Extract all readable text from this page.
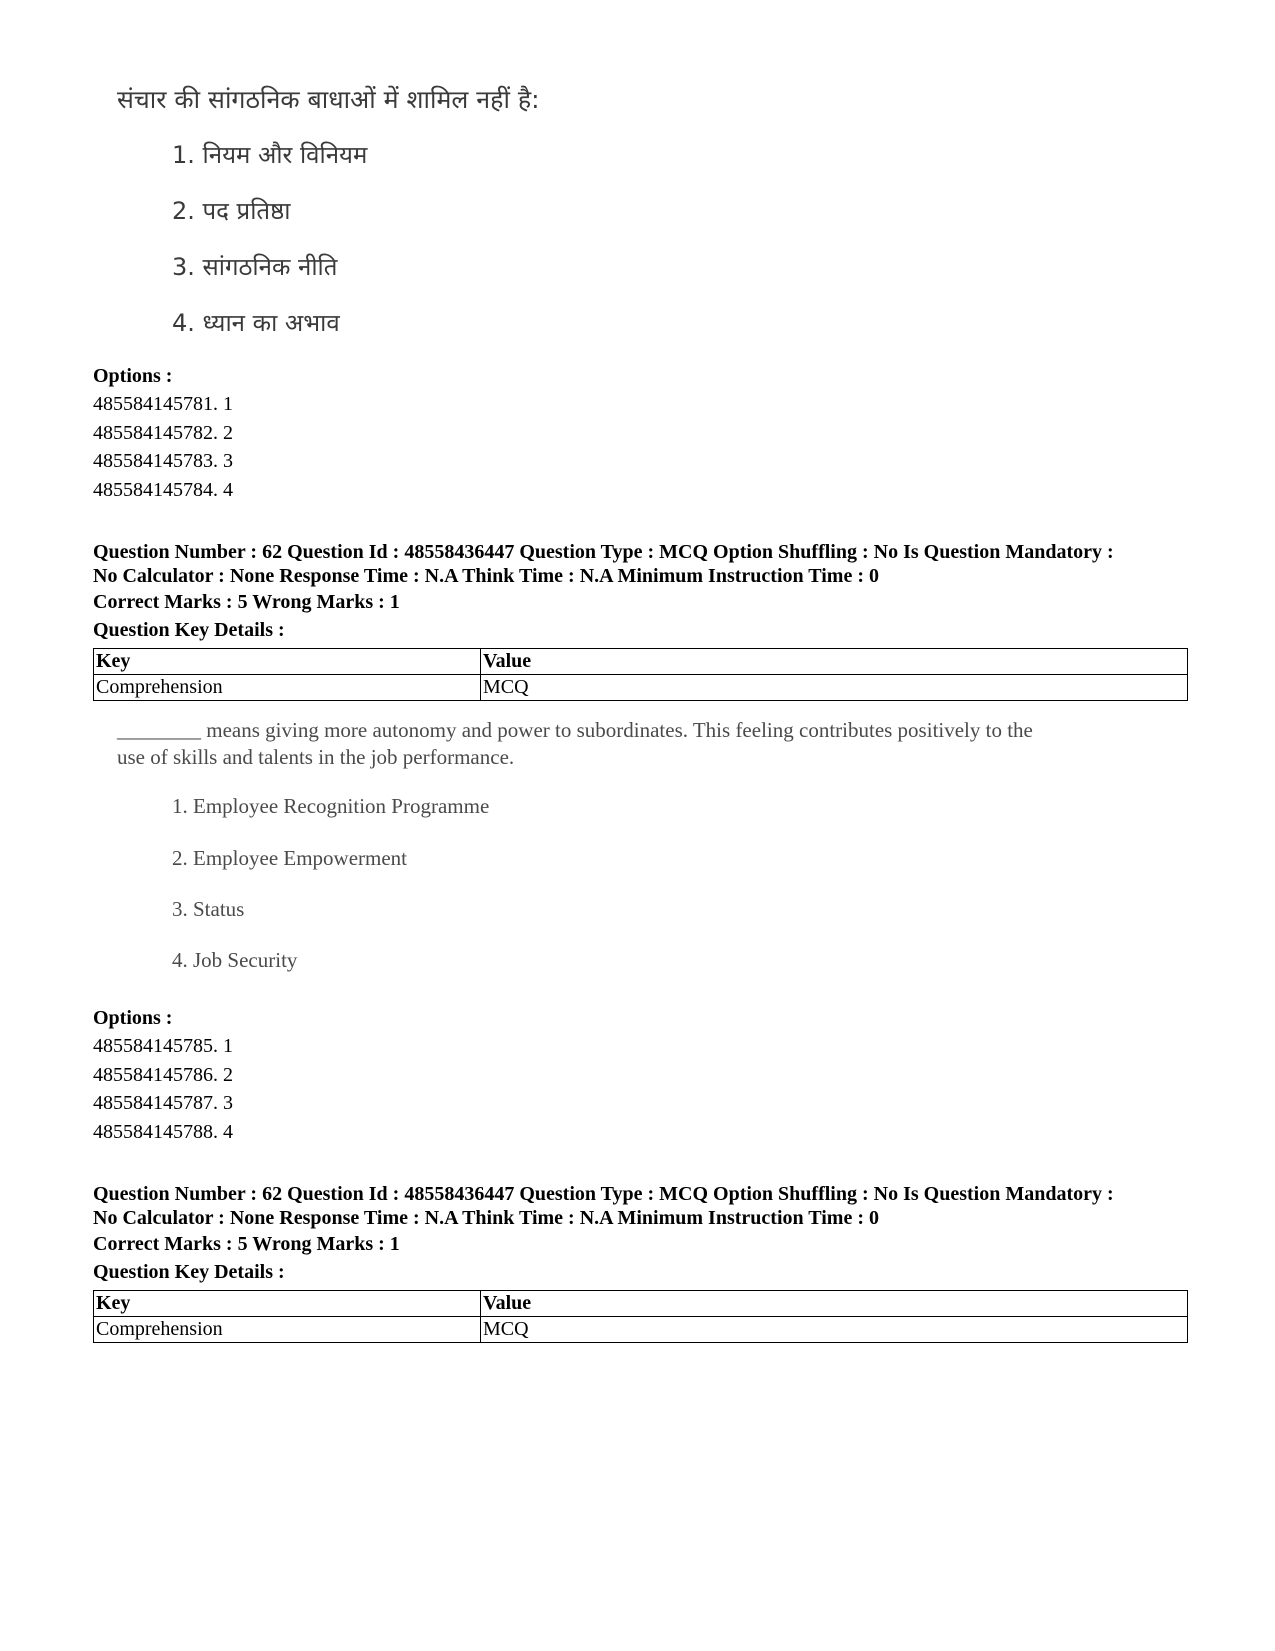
संचार की सांगठनिक बाधाओं में शामिल नहीं है:
1. नियम और विनियम
2. पद प्रतिष्ठा
3. सांगठनिक नीति
4. ध्यान का अभाव
Options :
485584145781. 1
485584145782. 2
485584145783. 3
485584145784. 4
Question Number : 62 Question Id : 48558436447 Question Type : MCQ Option Shuffling : No Is Question Mandatory :
No Calculator : None Response Time : N.A Think Time : N.A Minimum Instruction Time : 0
Correct Marks : 5 Wrong Marks : 1
Question Key Details :
Key	Value
Comprehension	MCQ
________ means giving more autonomy and power to subordinates. This feeling contributes positively to the
use of skills and talents in the job performance.
1. Employee Recognition Programme
2. Employee Empowerment
3. Status
4. Job Security
Options :
485584145785. 1
485584145786. 2
485584145787. 3
485584145788. 4
Question Number : 62 Question Id : 48558436447 Question Type : MCQ Option Shuffling : No Is Question Mandatory :
No Calculator : None Response Time : N.A Think Time : N.A Minimum Instruction Time : 0
Correct Marks : 5 Wrong Marks : 1
Question Key Details :
Key	Value
Comprehension	MCQ
